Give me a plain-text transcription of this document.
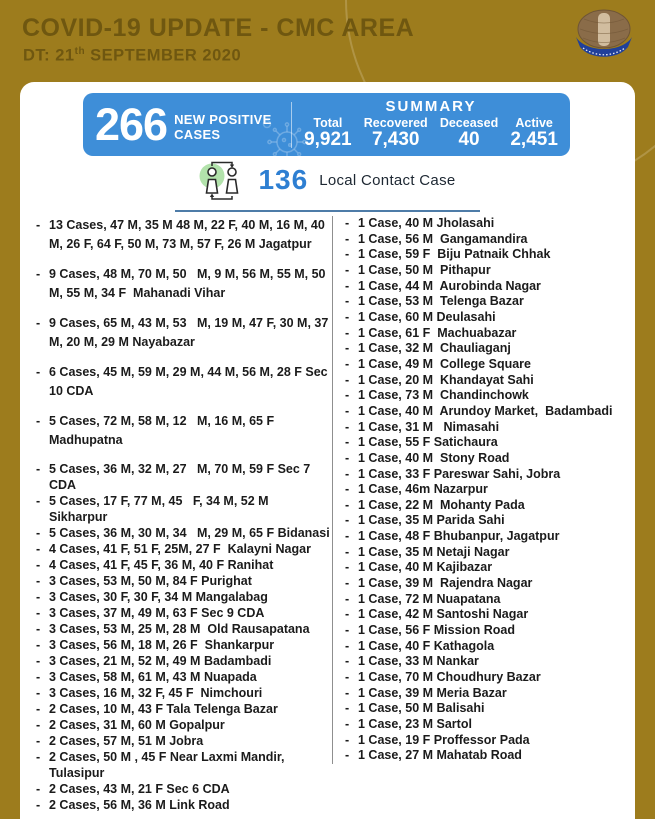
COVID-19 UPDATE - CMC AREA
DT: 21th SEPTEMBER 2020
266 NEW POSITIVE
CASES
SUMMARY
Total
9,921
Recovered
7,430
Deceased
40
Active
2,451
136 Local Contact Case
- 13 Cases, 47 M, 35 M 48 M, 22 F, 40 M, 16 M, 40 M, 26 F, 64 F, 50 M, 73 M, 57 F, 26 M Jagatpur
- 9 Cases, 48 M, 70 M, 50   M, 9 M, 56 M, 55 M, 50 M, 55 M, 34 F  Mahanadi Vihar
- 9 Cases, 65 M, 43 M, 53   M, 19 M, 47 F, 30 M, 37 M, 20 M, 29 M Nayabazar
- 6 Cases, 45 M, 59 M, 29 M, 44 M, 56 M, 28 F Sec 10 CDA
- 5 Cases, 72 M, 58 M, 12   M, 16 M, 65 F Madhupatna
- 5 Cases, 36 M, 32 M, 27   M, 70 M, 59 F Sec 7 CDA
- 5 Cases, 17 F, 77 M, 45   F, 34 M, 52 M  Sikharpur
- 5 Cases, 36 M, 30 M, 34   M, 29 M, 65 F Bidanasi
- 4 Cases, 41 F, 51 F, 25M, 27 F  Kalayni Nagar
- 4 Cases, 41 F, 45 F, 36 M, 40 F Ranihat
- 3 Cases, 53 M, 50 M, 84 F Purighat
- 3 Cases, 30 F, 30 F, 34 M Mangalabag
- 3 Cases, 37 M, 49 M, 63 F Sec 9 CDA
- 3 Cases, 53 M, 25 M, 28 M  Old Rausapatana
- 3 Cases, 56 M, 18 M, 26 F  Shankarpur
- 3 Cases, 21 M, 52 M, 49 M Badambadi
- 3 Cases, 58 M, 61 M, 43 M Nuapada
- 3 Cases, 16 M, 32 F, 45 F  Nimchouri
- 2 Cases, 10 M, 43 F Tala Telenga Bazar
- 2 Cases, 31 M, 60 M Gopalpur
- 2 Cases, 57 M, 51 M Jobra
- 2 Cases, 50 M , 45 F Near Laxmi Mandir, Tulasipur
- 2 Cases, 43 M, 21 F Sec 6 CDA
- 2 Cases, 56 M, 36 M Link Road
- 1 Case, 40 M Jholasahi
- 1 Case, 56 M  Gangamandira
- 1 Case, 59 F  Biju Patnaik Chhak
- 1 Case, 50 M  Pithapur
- 1 Case, 44 M  Aurobinda Nagar
- 1 Case, 53 M  Telenga Bazar
- 1 Case, 60 M Deulasahi
- 1 Case, 61 F  Machuabazar
- 1 Case, 32 M  Chauliaganj
- 1 Case, 49 M  College Square
- 1 Case, 20 M  Khandayat Sahi
- 1 Case, 73 M  Chandinchowk
- 1 Case, 40 M  Arundoy Market,  Badambadi
- 1 Case, 31 M   Nimasahi
- 1 Case, 55 F Satichaura
- 1 Case, 40 M  Stony Road
- 1 Case, 33 F Pareswar Sahi, Jobra
- 1 Case, 46m Nazarpur
- 1 Case, 22 M  Mohanty Pada
- 1 Case, 35 M Parida Sahi
- 1 Case, 48 F Bhubanpur, Jagatpur
- 1 Case, 35 M Netaji Nagar
- 1 Case, 40 M Kajibazar
- 1 Case, 39 M  Rajendra Nagar
- 1 Case, 72 M Nuapatana
- 1 Case, 42 M Santoshi Nagar
- 1 Case, 56 F Mission Road
- 1 Case, 40 F Kathagola
- 1 Case, 33 M Nankar
- 1 Case, 70 M Choudhury Bazar
- 1 Case, 39 M Meria Bazar
- 1 Case, 50 M Balisahi
- 1 Case, 23 M Sartol
- 1 Case, 19 F Proffessor Pada
- 1 Case, 27 M Mahatab Road
